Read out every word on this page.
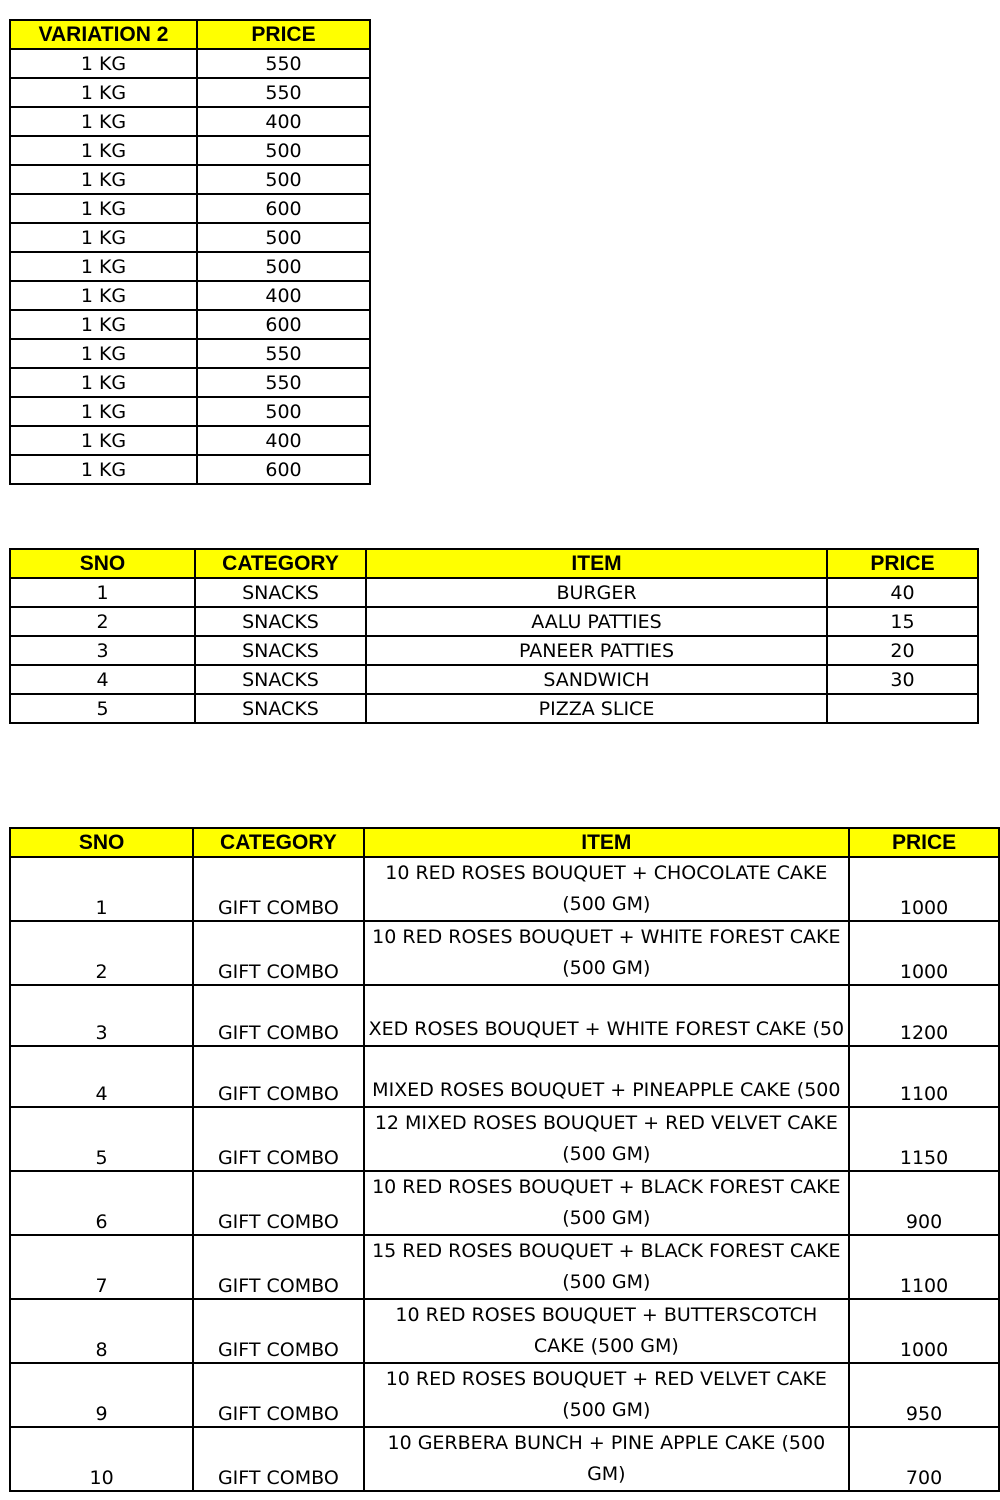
VARIATION 2	PRICE
1 KG	550
1 KG	550
1 KG	400
1 KG	500
1 KG	500
1 KG	600
1 KG	500
1 KG	500
1 KG	400
1 KG	600
1 KG	550
1 KG	550
1 KG	500
1 KG	400
1 KG	600
SNO	CATEGORY	ITEM	PRICE
1	SNACKS	BURGER	40
2	SNACKS	AALU PATTIES	15
3	SNACKS	PANEER PATTIES	20
4	SNACKS	SANDWICH	30
5	SNACKS	PIZZA SLICE	
SNO	CATEGORY	ITEM	PRICE
1	GIFT COMBO	10 RED ROSES BOUQUET + CHOCOLATE CAKE (500 GM)	1000
2	GIFT COMBO	10 RED ROSES BOUQUET + WHITE FOREST CAKE (500 GM)	1000
3	GIFT COMBO	XED ROSES BOUQUET + WHITE FOREST CAKE (50	1200
4	GIFT COMBO	MIXED ROSES BOUQUET + PINEAPPLE CAKE (500	1100
5	GIFT COMBO	12 MIXED ROSES BOUQUET + RED VELVET CAKE (500 GM)	1150
6	GIFT COMBO	10 RED ROSES BOUQUET + BLACK FOREST CAKE (500 GM)	900
7	GIFT COMBO	15 RED ROSES BOUQUET + BLACK FOREST CAKE (500 GM)	1100
8	GIFT COMBO	10 RED ROSES BOUQUET + BUTTERSCOTCH CAKE (500 GM)	1000
9	GIFT COMBO	10 RED ROSES BOUQUET + RED VELVET CAKE (500 GM)	950
10	GIFT COMBO	10 GERBERA BUNCH + PINE APPLE CAKE (500 GM)	700
